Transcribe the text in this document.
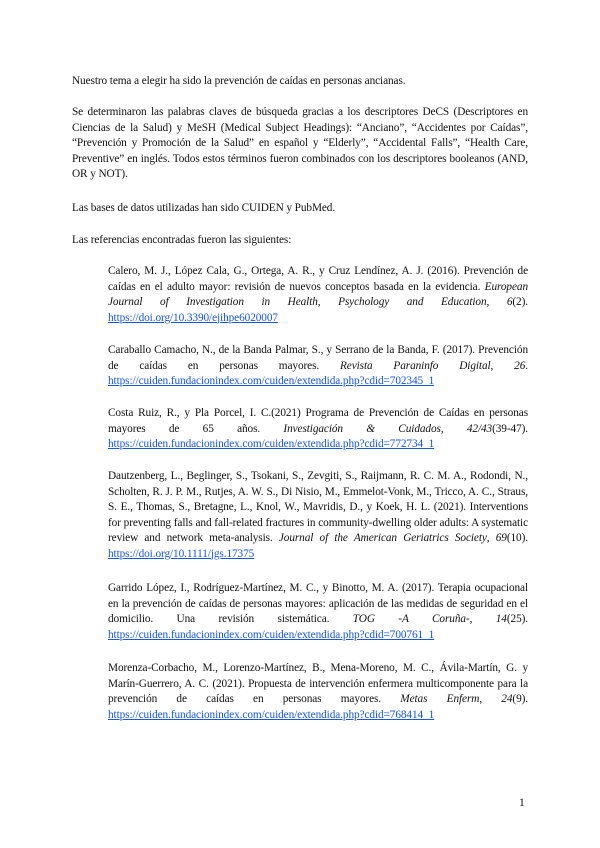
Nuestro tema a elegir ha sido la prevención de caídas en personas ancianas.

Se determinaron las palabras claves de búsqueda gracias a los descriptores DeCS (Descriptores en Ciencias de la Salud) y MeSH (Medical Subject Headings): “Anciano”, “Accidentes por Caídas”, “Prevención y Promoción de la Salud” en español y “Elderly”, “Accidental Falls”, “Health Care, Preventive” en inglés. Todos estos términos fueron combinados con los descriptores booleanos (AND, OR y NOT).

Las bases de datos utilizadas han sido CUIDEN y PubMed.

Las referencias encontradas fueron las siguientes:

Calero, M. J., López Cala, G., Ortega, A. R., y Cruz Lendínez, A. J. (2016). Prevención de caídas en el adulto mayor: revisión de nuevos conceptos basada en la evidencia. European Journal of Investigation in Health, Psychology and Education, 6(2). https://doi.org/10.3390/ejihpe6020007

Caraballo Camacho, N., de la Banda Palmar, S., y Serrano de la Banda, F. (2017). Prevención de caídas en personas mayores. Revista Paraninfo Digital, 26. https://cuiden.fundacionindex.com/cuiden/extendida.php?cdid=702345_1

Costa Ruiz, R., y Pla Porcel, I. C.(2021) Programa de Prevención de Caídas en personas mayores de 65 años. Investigación & Cuidados, 42/43(39-47). https://cuiden.fundacionindex.com/cuiden/extendida.php?cdid=772734_1

Dautzenberg, L., Beglinger, S., Tsokani, S., Zevgiti, S., Raijmann, R. C. M. A., Rodondi, N., Scholten, R. J. P. M., Rutjes, A. W. S., Di Nisio, M., Emmelot-Vonk, M., Tricco, A. C., Straus, S. E., Thomas, S., Bretagne, L., Knol, W., Mavridis, D., y Koek, H. L. (2021). Interventions for preventing falls and fall-related fractures in community-dwelling older adults: A systematic review and network meta-analysis. Journal of the American Geriatrics Society, 69(10). https://doi.org/10.1111/jgs.17375

Garrido López, I., Rodríguez-Martínez, M. C., y Binotto, M. A. (2017). Terapia ocupacional en la prevención de caídas de personas mayores: aplicación de las medidas de seguridad en el domicilio. Una revisión sistemática. TOG -A Coruña-, 14(25). https://cuiden.fundacionindex.com/cuiden/extendida.php?cdid=700761_1

Morenza-Corbacho, M., Lorenzo-Martínez, B., Mena-Moreno, M. C., Ávila-Martín, G. y Marín-Guerrero, A. C. (2021). Propuesta de intervención enfermera multicomponente para la prevención de caídas en personas mayores. Metas Enferm, 24(9). https://cuiden.fundacionindex.com/cuiden/extendida.php?cdid=768414_1

1
